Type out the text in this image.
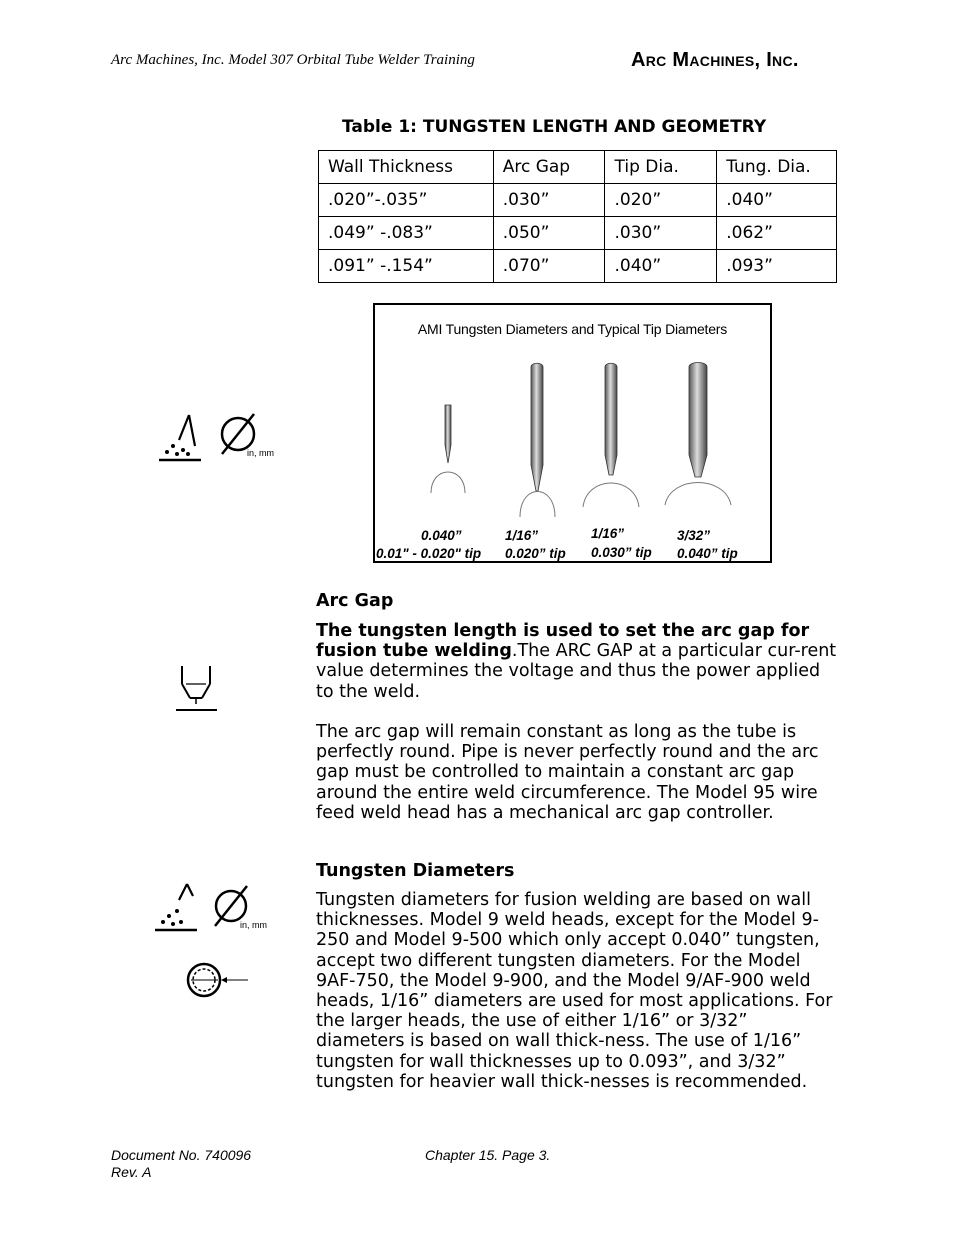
Arc Machines, Inc. Model 307 Orbital Tube Welder Training	Arc Machines, Inc.
Table 1: TUNGSTEN LENGTH AND GEOMETRY
Wall Thickness	Arc Gap	Tip Dia.	Tung. Dia.
.020”-.035”	.030”	.020”	.040”
.049” -.083”	.050”	.030”	.062”
.091” -.154”	.070”	.040”	.093”
AMI Tungsten Diameters and Typical Tip Diameters
0.040”
0.01" - 0.020" tip
1/16”
0.020” tip
1/16”
0.030” tip
3/32”
0.040” tip
in, mm
in, mm
Arc Gap
The tungsten length is used to set the arc gap for fusion tube welding.The ARC GAP at a particular cur-rent value determines the voltage and thus the power applied to the weld.
The arc gap will remain constant as long as the tube is perfectly round. Pipe is never perfectly round and the arc gap must be controlled to maintain a constant arc gap around the entire weld circumference. The Model 95 wire feed weld head has a mechanical arc gap controller.
Tungsten Diameters
Tungsten diameters for fusion welding are based on wall thicknesses. Model 9 weld heads, except for the Model 9-250 and Model 9-500 which only accept 0.040” tungsten, accept two different tungsten diameters. For the Model 9AF-750, the Model 9-900, and the Model 9/AF-900 weld heads, 1/16” diameters are used for most applications. For the larger heads, the use of either 1/16” or 3/32” diameters is based on wall thick-ness. The use of 1/16” tungsten for wall thicknesses up to 0.093”, and 3/32” tungsten for heavier wall thick-nesses is recommended.
Document No. 740096
Rev. A
Chapter 15. Page 3.
